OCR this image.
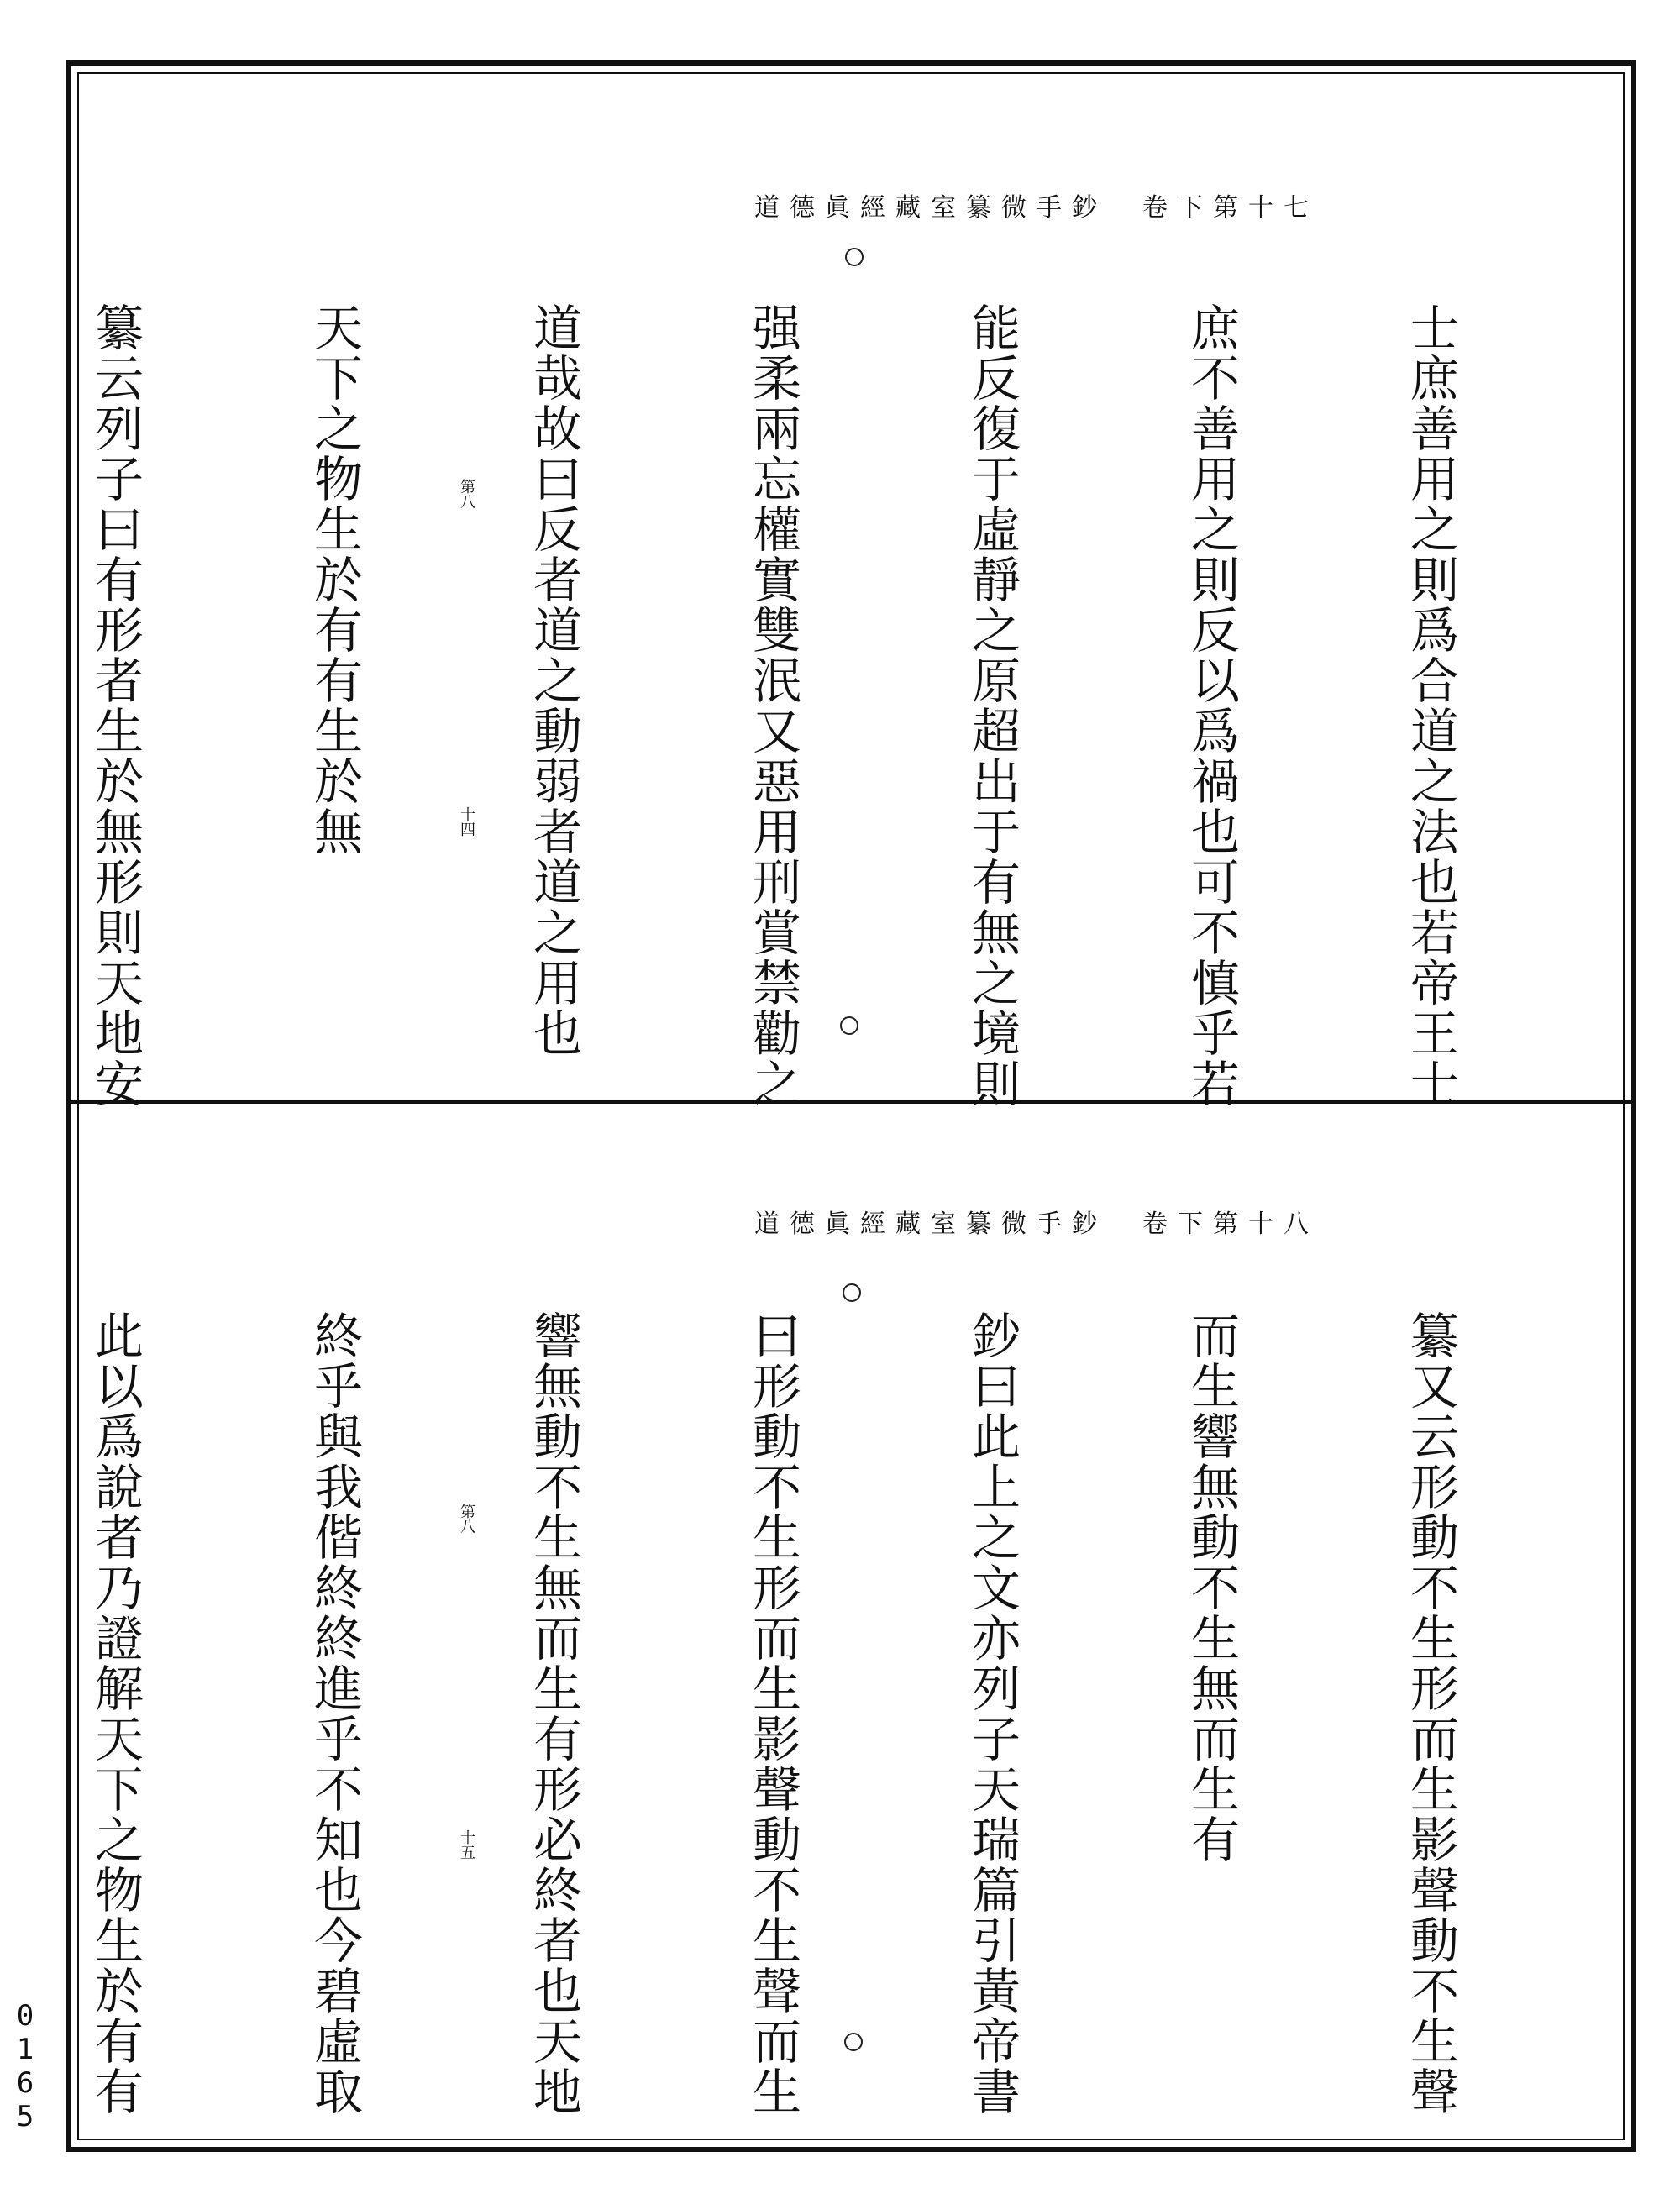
道德眞經藏室纂微手鈔　卷下第十七

士庶善用之則爲合道之法也若帝王士

庶不善用之則反以爲禍也可不慎乎若

能反復于虛靜之原超出于有無之境則

强柔兩忘權實雙泯又惡用刑賞禁勸之

道哉故曰反者道之動弱者道之用也

天下之物生於有有生於無

纂云列子曰有形者生於無形則天地安

	第八
十四
道德眞經藏室纂微手鈔　卷下第十八

纂又云形動不生形而生影聲動不生聲

而生響無動不生無而生有

鈔曰此上之文亦列子天瑞篇引黃帝書

曰形動不生形而生影聲動不生聲而生

響無動不生無而生有形必終者也天地

終乎與我偕終終進乎不知也今碧虛取

此以爲說者乃證解天下之物生於有有

	第八
十五
0
1
6
5
